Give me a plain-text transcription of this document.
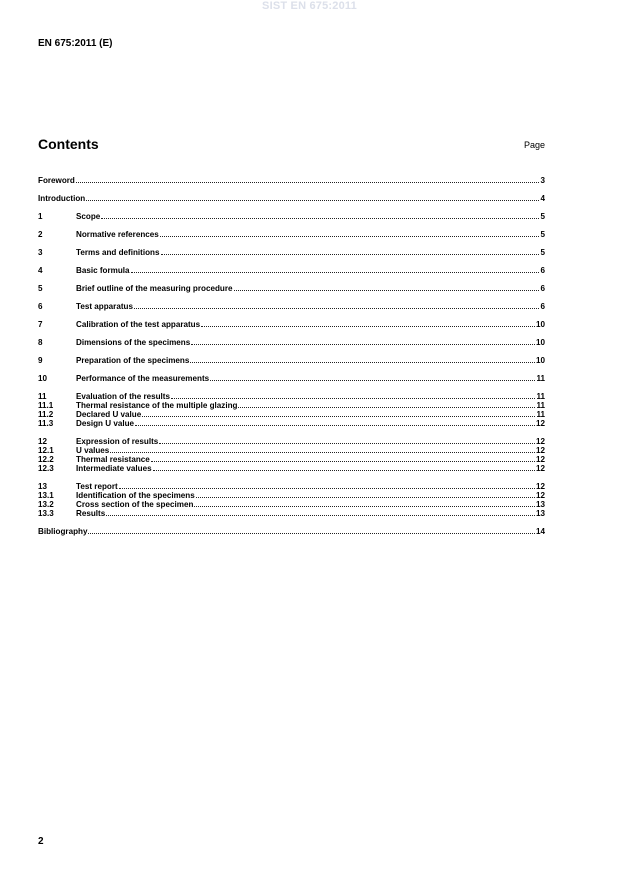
SIST EN 675:2011
EN 675:2011 (E)
Contents	Page
Foreword	3
Introduction	4
1	Scope	5
2	Normative references	5
3	Terms and definitions	5
4	Basic formula	6
5	Brief outline of the measuring procedure	6
6	Test apparatus	6
7	Calibration of the test apparatus	10
8	Dimensions of the specimens	10
9	Preparation of the specimens	10
10	Performance of the measurements	11
11	Evaluation of the results	11
11.1	Thermal resistance of the multiple glazing	11
11.2	Declared U value	11
11.3	Design U value	12
12	Expression of results	12
12.1	U values	12
12.2	Thermal resistance	12
12.3	Intermediate values	12
13	Test report	12
13.1	Identification of the specimens	12
13.2	Cross section of the specimen	13
13.3	Results	13
Bibliography	14
2
